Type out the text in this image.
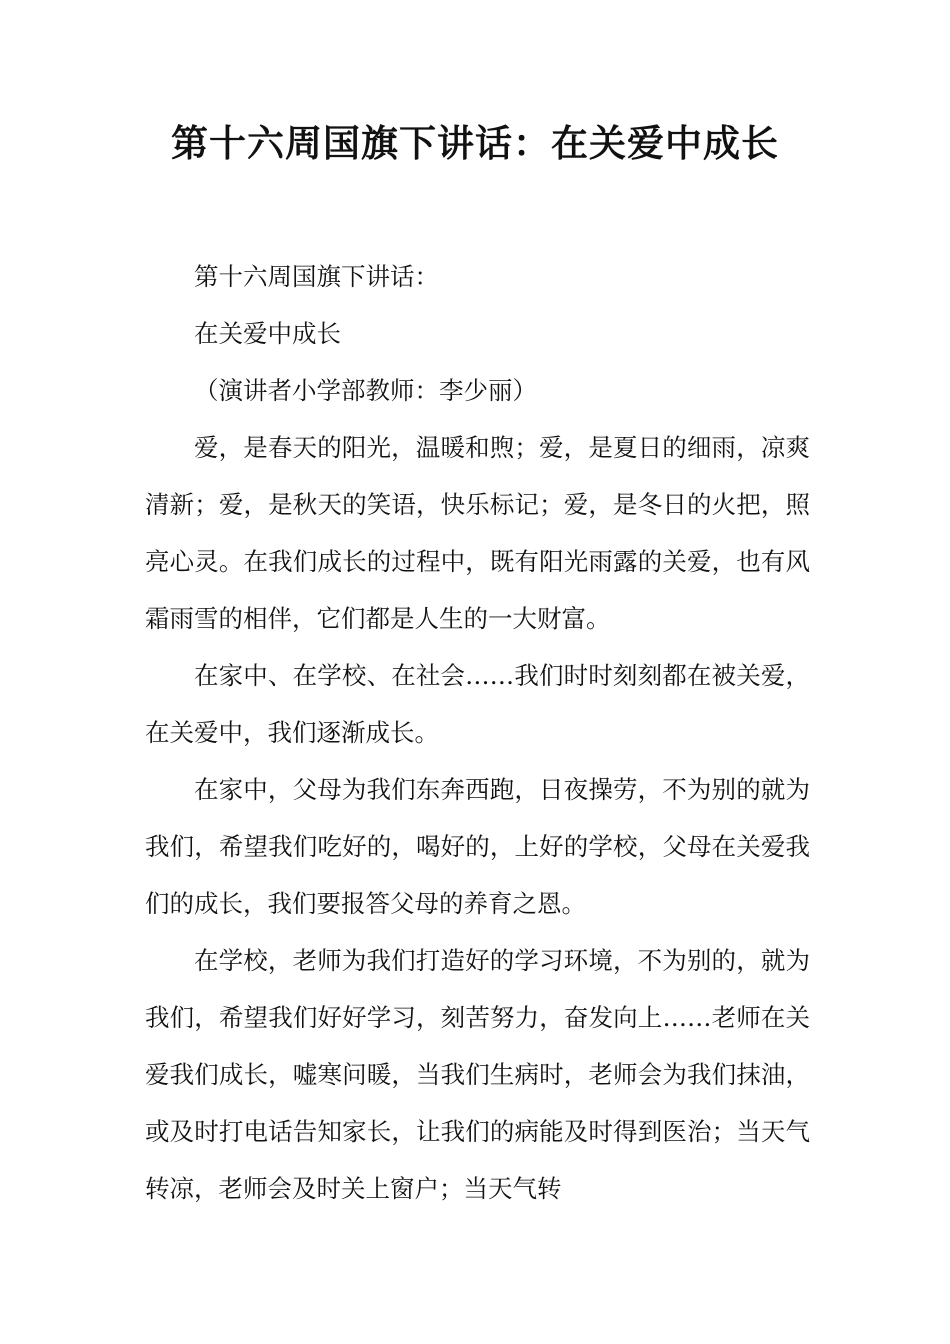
第十六周国旗下讲话：在关爱中成长

第十六周国旗下讲话：

在关爱中成长

（演讲者小学部教师：李少丽）

爱，是春天的阳光，温暖和煦；爱，是夏日的细雨，凉爽清新；爱，是秋天的笑语，快乐标记；爱，是冬日的火把，照亮心灵。在我们成长的过程中，既有阳光雨露的关爱，也有风霜雨雪的相伴，它们都是人生的一大财富。

在家中、在学校、在社会……我们时时刻刻都在被关爱，在关爱中，我们逐渐成长。

在家中，父母为我们东奔西跑，日夜操劳，不为别的就为我们，希望我们吃好的，喝好的，上好的学校，父母在关爱我们的成长，我们要报答父母的养育之恩。

在学校，老师为我们打造好的学习环境，不为别的，就为我们，希望我们好好学习，刻苦努力，奋发向上……老师在关爱我们成长，嘘寒问暖，当我们生病时，老师会为我们抹油，或及时打电话告知家长，让我们的病能及时得到医治；当天气转凉，老师会及时关上窗户；当天气转
